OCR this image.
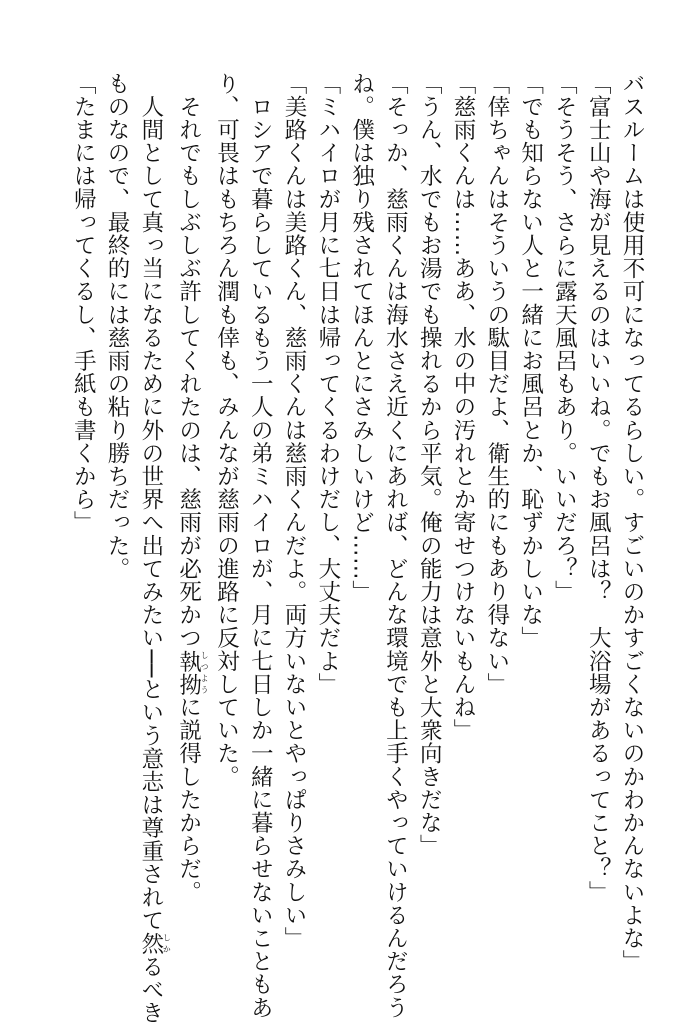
バスルームは使用不可になってるらしい。すごいのかすごくないのかわかんないよな」
「富士山や海が見えるのはいいね。でもお風呂は？　大浴場があるってこと？」
「そうそう、さらに露天風呂もあり。いいだろ？」
「でも知らない人と一緒にお風呂とか、恥ずかしいな」
「倖ちゃんはそういうの駄目だよ、衛生的にもあり得ない」
「慈雨くんは……ああ、水の中の汚れとか寄せつけないもんね」
「うん、水でもお湯でも操れるから平気。俺の能力は意外と大衆向きだな」
「そっか、慈雨くんは海水さえ近くにあれば、どんな環境でも上手くやっていけるんだろう
ね。僕は独り残されてほんとにさみしいけど……」
「ミハイロが月に七日は帰ってくるわけだし、大丈夫だよ」
「美路くんは美路くん、慈雨くんは慈雨くんだよ。両方いないとやっぱりさみしい」
　ロシアで暮らしているもう一人の弟ミハイロが、月に七日しか一緒に暮らせないこともあ
り、可畏はもちろん潤も倖も、みんなが慈雨の進路に反対していた。
　それでもしぶしぶ許してくれたのは、慈雨が必死かつ執拗しつように説得したからだ。
　人間として真っ当になるために外の世界へ出てみたい──という意志は尊重されて然しかるべき
ものなので、最終的には慈雨の粘り勝ちだった。
「たまには帰ってくるし、手紙も書くから」
